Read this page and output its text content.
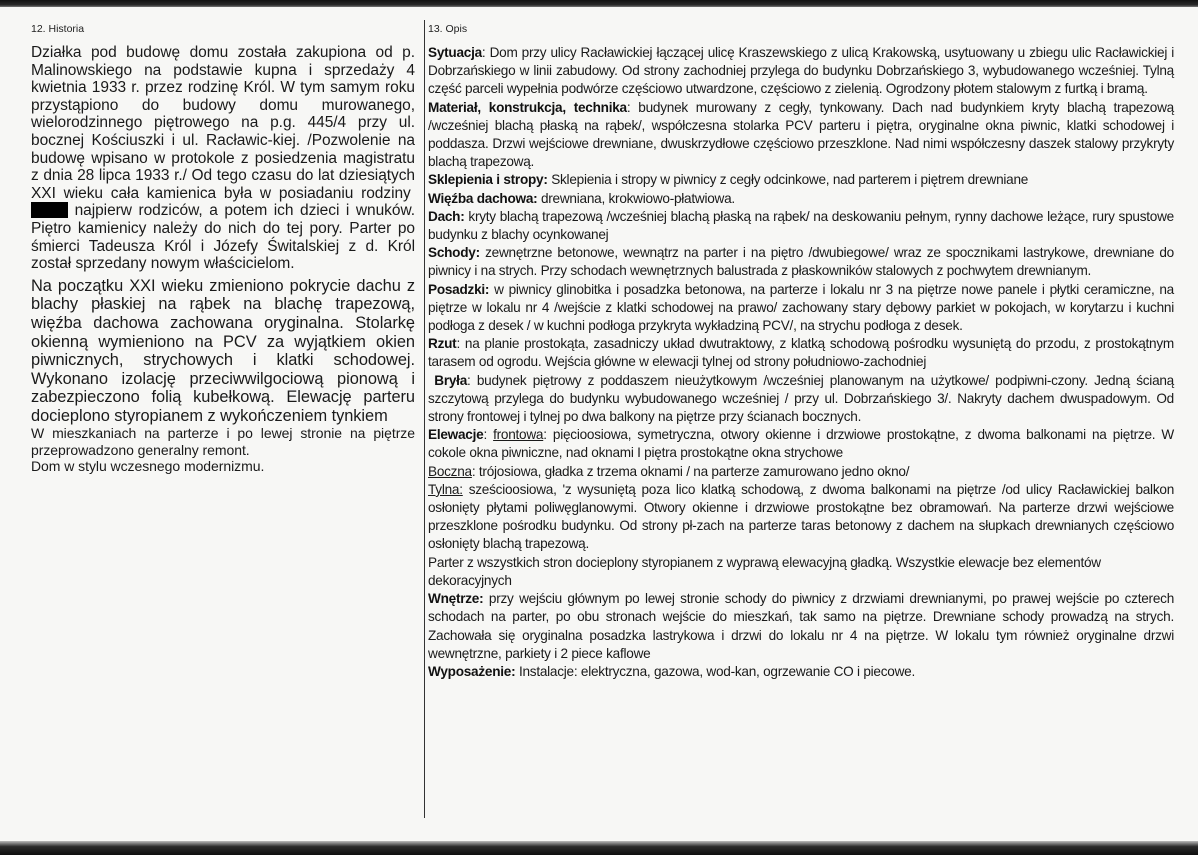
12. Historia

Działka pod budowę domu została zakupiona od p. Malinowskiego na podstawie kupna i sprzedaży 4 kwietnia 1933 r. przez rodzinę Król. W tym samym roku przystąpiono do budowy domu murowanego, wielorodzinnego piętrowego na p.g. 445/4 przy ul. bocznej Kościuszki i ul. Racławic-kiej. /Pozwolenie na budowę wpisano w protokole z posiedzenia magistratu z dnia 28 lipca 1933 r./ Od tego czasu do lat dziesiątych XXI wieku cała kamienica była w posiadaniu rodziny  najpierw rodziców, a potem ich dzieci i wnuków. Piętro kamienicy należy do nich do tej pory. Parter po śmierci Tadeusza Król i Józefy Świtalskiej z d. Król został sprzedany nowym właścicielom.

Na początku XXI wieku zmieniono pokrycie dachu z blachy płaskiej na rąbek na blachę trapezową, więźba dachowa zachowana oryginalna. Stolarkę okienną wymieniono na PCV za wyjątkiem okien piwnicznych, strychowych i klatki schodowej. Wykonano izolację przeciwwilgociową pionową i zabezpieczono folią kubełkową. Elewację parteru docieplono styropianem z wykończeniem tynkiem

W mieszkaniach na parterze i po lewej stronie na piętrze przeprowadzono generalny remont.

Dom w stylu wczesnego modernizmu.

13. Opis

Sytuacja: Dom przy ulicy Racławickiej łączącej ulicę Kraszewskiego z ulicą Krakowską, usytuowany u zbiegu ulic Racławickiej i Dobrzańskiego w linii zabudowy. Od strony zachodniej przylega do budynku Dobrzańskiego 3, wybudowanego wcześniej. Tylną część parceli wypełnia podwórze częściowo utwardzone, częściowo z zielenią. Ogrodzony płotem stalowym z furtką i bramą.

Materiał, konstrukcja, technika: budynek murowany z cegły, tynkowany. Dach nad budynkiem kryty blachą trapezową /wcześniej blachą płaską na rąbek/, współczesna stolarka PCV parteru i piętra, oryginalne okna piwnic, klatki schodowej i poddasza. Drzwi wejściowe drewniane, dwuskrzydłowe częściowo przeszklone. Nad nimi współczesny daszek stalowy przykryty blachą trapezową.

Sklepienia i stropy: Sklepienia i stropy w piwnicy z cegły odcinkowe, nad parterem i piętrem drewniane

Więźba dachowa: drewniana, krokwiowo-płatwiowa.

Dach: kryty blachą trapezową /wcześniej blachą płaską na rąbek/ na deskowaniu pełnym, rynny dachowe leżące, rury spustowe budynku z blachy ocynkowanej

Schody: zewnętrzne betonowe, wewnątrz na parter i na piętro /dwubiegowe/ wraz ze spocznikami lastrykowe, drewniane do piwnicy i na strych. Przy schodach wewnętrznych balustrada z płaskowników stalowych z pochwytem drewnianym.

Posadzki: w piwnicy glinobitka i posadzka betonowa, na parterze i lokalu nr 3 na piętrze nowe panele i płytki ceramiczne, na piętrze w lokalu nr 4 /wejście z klatki schodowej na prawo/ zachowany stary dębowy parkiet w pokojach, w korytarzu i kuchni podłoga z desek / w kuchni podłoga przykryta wykładziną PCV/, na strychu podłoga z desek.

Rzut: na planie prostokąta, zasadniczy układ dwutraktowy, z klatką schodową pośrodku wysuniętą do przodu, z prostokątnym tarasem od ogrodu. Wejścia główne w elewacji tylnej od strony południowo-zachodniej

Bryła: budynek piętrowy z poddaszem nieużytkowym /wcześniej planowanym na użytkowe/ podpiwni-czony. Jedną ścianą szczytową przylega do budynku wybudowanego wcześniej / przy ul. Dobrzańskiego 3/. Nakryty dachem dwuspadowym. Od strony frontowej i tylnej po dwa balkony na piętrze przy ścianach bocznych.

Elewacje: frontowa: pięcioosiowa, symetryczna, otwory okienne i drzwiowe prostokątne, z dwoma balkonami na piętrze. W cokole okna piwniczne, nad oknami I piętra prostokątne okna strychowe

Boczna: trójosiowa, gładka z trzema oknami / na parterze zamurowano jedno okno/

Tylna: sześcioosiowa, 'z wysuniętą poza lico klatką schodową, z dwoma balkonami na piętrze /od ulicy Racławickiej balkon osłonięty płytami poliwęglanowymi. Otwory okienne i drzwiowe prostokątne bez obramowań. Na parterze drzwi wejściowe przeszklone pośrodku budynku. Od strony pł-zach na parterze taras betonowy z dachem na słupkach drewnianych częściowo osłonięty blachą trapezową.

Parter z wszystkich stron docieplony styropianem z wyprawą elewacyjną gładką. Wszystkie elewacje bez elementów dekoracyjnych

Wnętrze: przy wejściu głównym po lewej stronie schody do piwnicy z drzwiami drewnianymi, po prawej wejście po czterech schodach na parter, po obu stronach wejście do mieszkań, tak samo na piętrze. Drewniane schody prowadzą na strych. Zachowała się oryginalna posadzka lastrykowa i drzwi do lokalu nr 4 na piętrze. W lokalu tym również oryginalne drzwi wewnętrzne, parkiety i 2 piece kaflowe

Wyposażenie: Instalacje: elektryczna, gazowa, wod-kan, ogrzewanie CO i piecowe.
